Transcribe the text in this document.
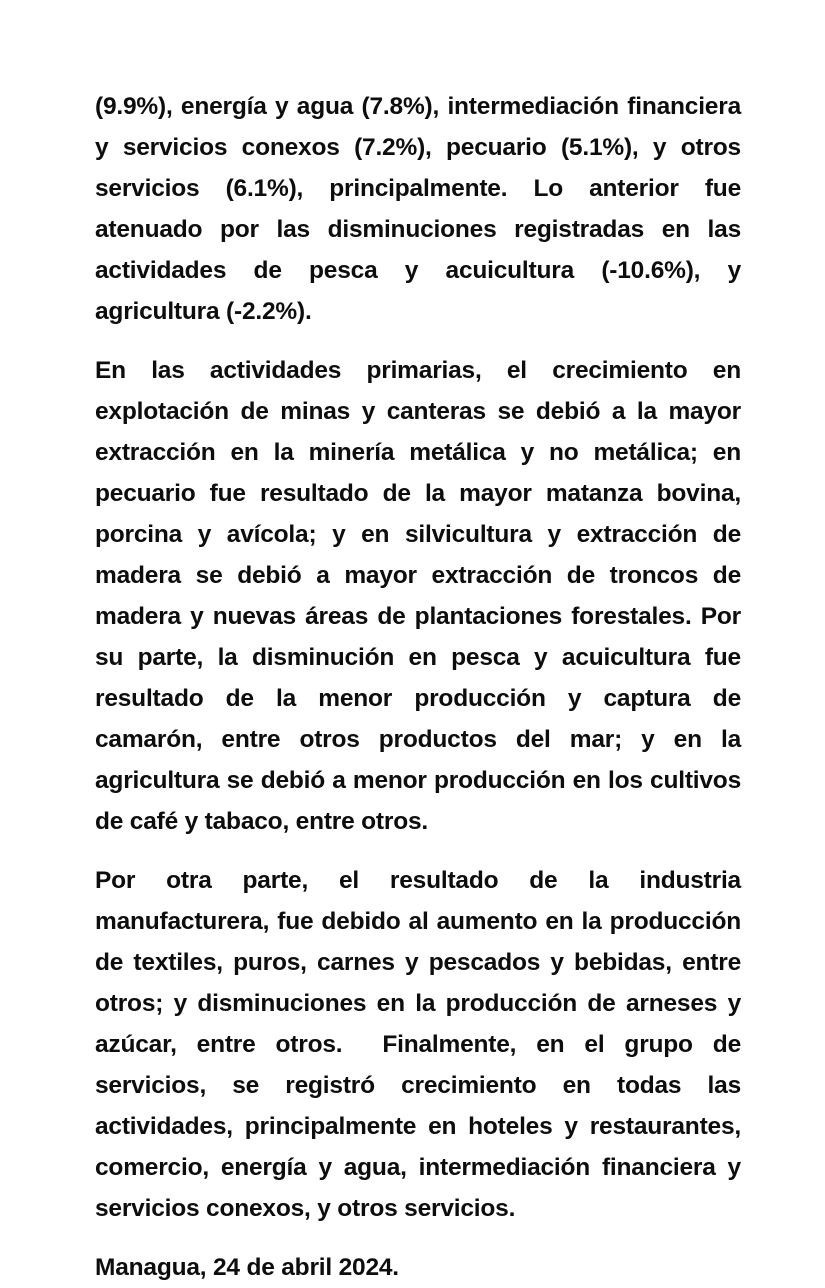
(9.9%), energía y agua (7.8%), intermediación financiera y servicios conexos (7.2%), pecuario (5.1%), y otros servicios (6.1%), principalmente. Lo anterior fue atenuado por las disminuciones registradas en las actividades de pesca y acuicultura (-10.6%), y agricultura (-2.2%).

En las actividades primarias, el crecimiento en explotación de minas y canteras se debió a la mayor extracción en la minería metálica y no metálica; en pecuario fue resultado de la mayor matanza bovina, porcina y avícola; y en silvicultura y extracción de madera se debió a mayor extracción de troncos de madera y nuevas áreas de plantaciones forestales. Por su parte, la disminución en pesca y acuicultura fue resultado de la menor producción y captura de camarón, entre otros productos del mar; y en la agricultura se debió a menor producción en los cultivos de café y tabaco, entre otros.

Por otra parte, el resultado de la industria manufacturera, fue debido al aumento en la producción de textiles, puros, carnes y pescados y bebidas, entre otros; y disminuciones en la producción de arneses y azúcar, entre otros.  Finalmente, en el grupo de servicios, se registró crecimiento en todas las actividades, principalmente en hoteles y restaurantes, comercio, energía y agua, intermediación financiera y servicios conexos, y otros servicios.

Managua, 24 de abril 2024.
